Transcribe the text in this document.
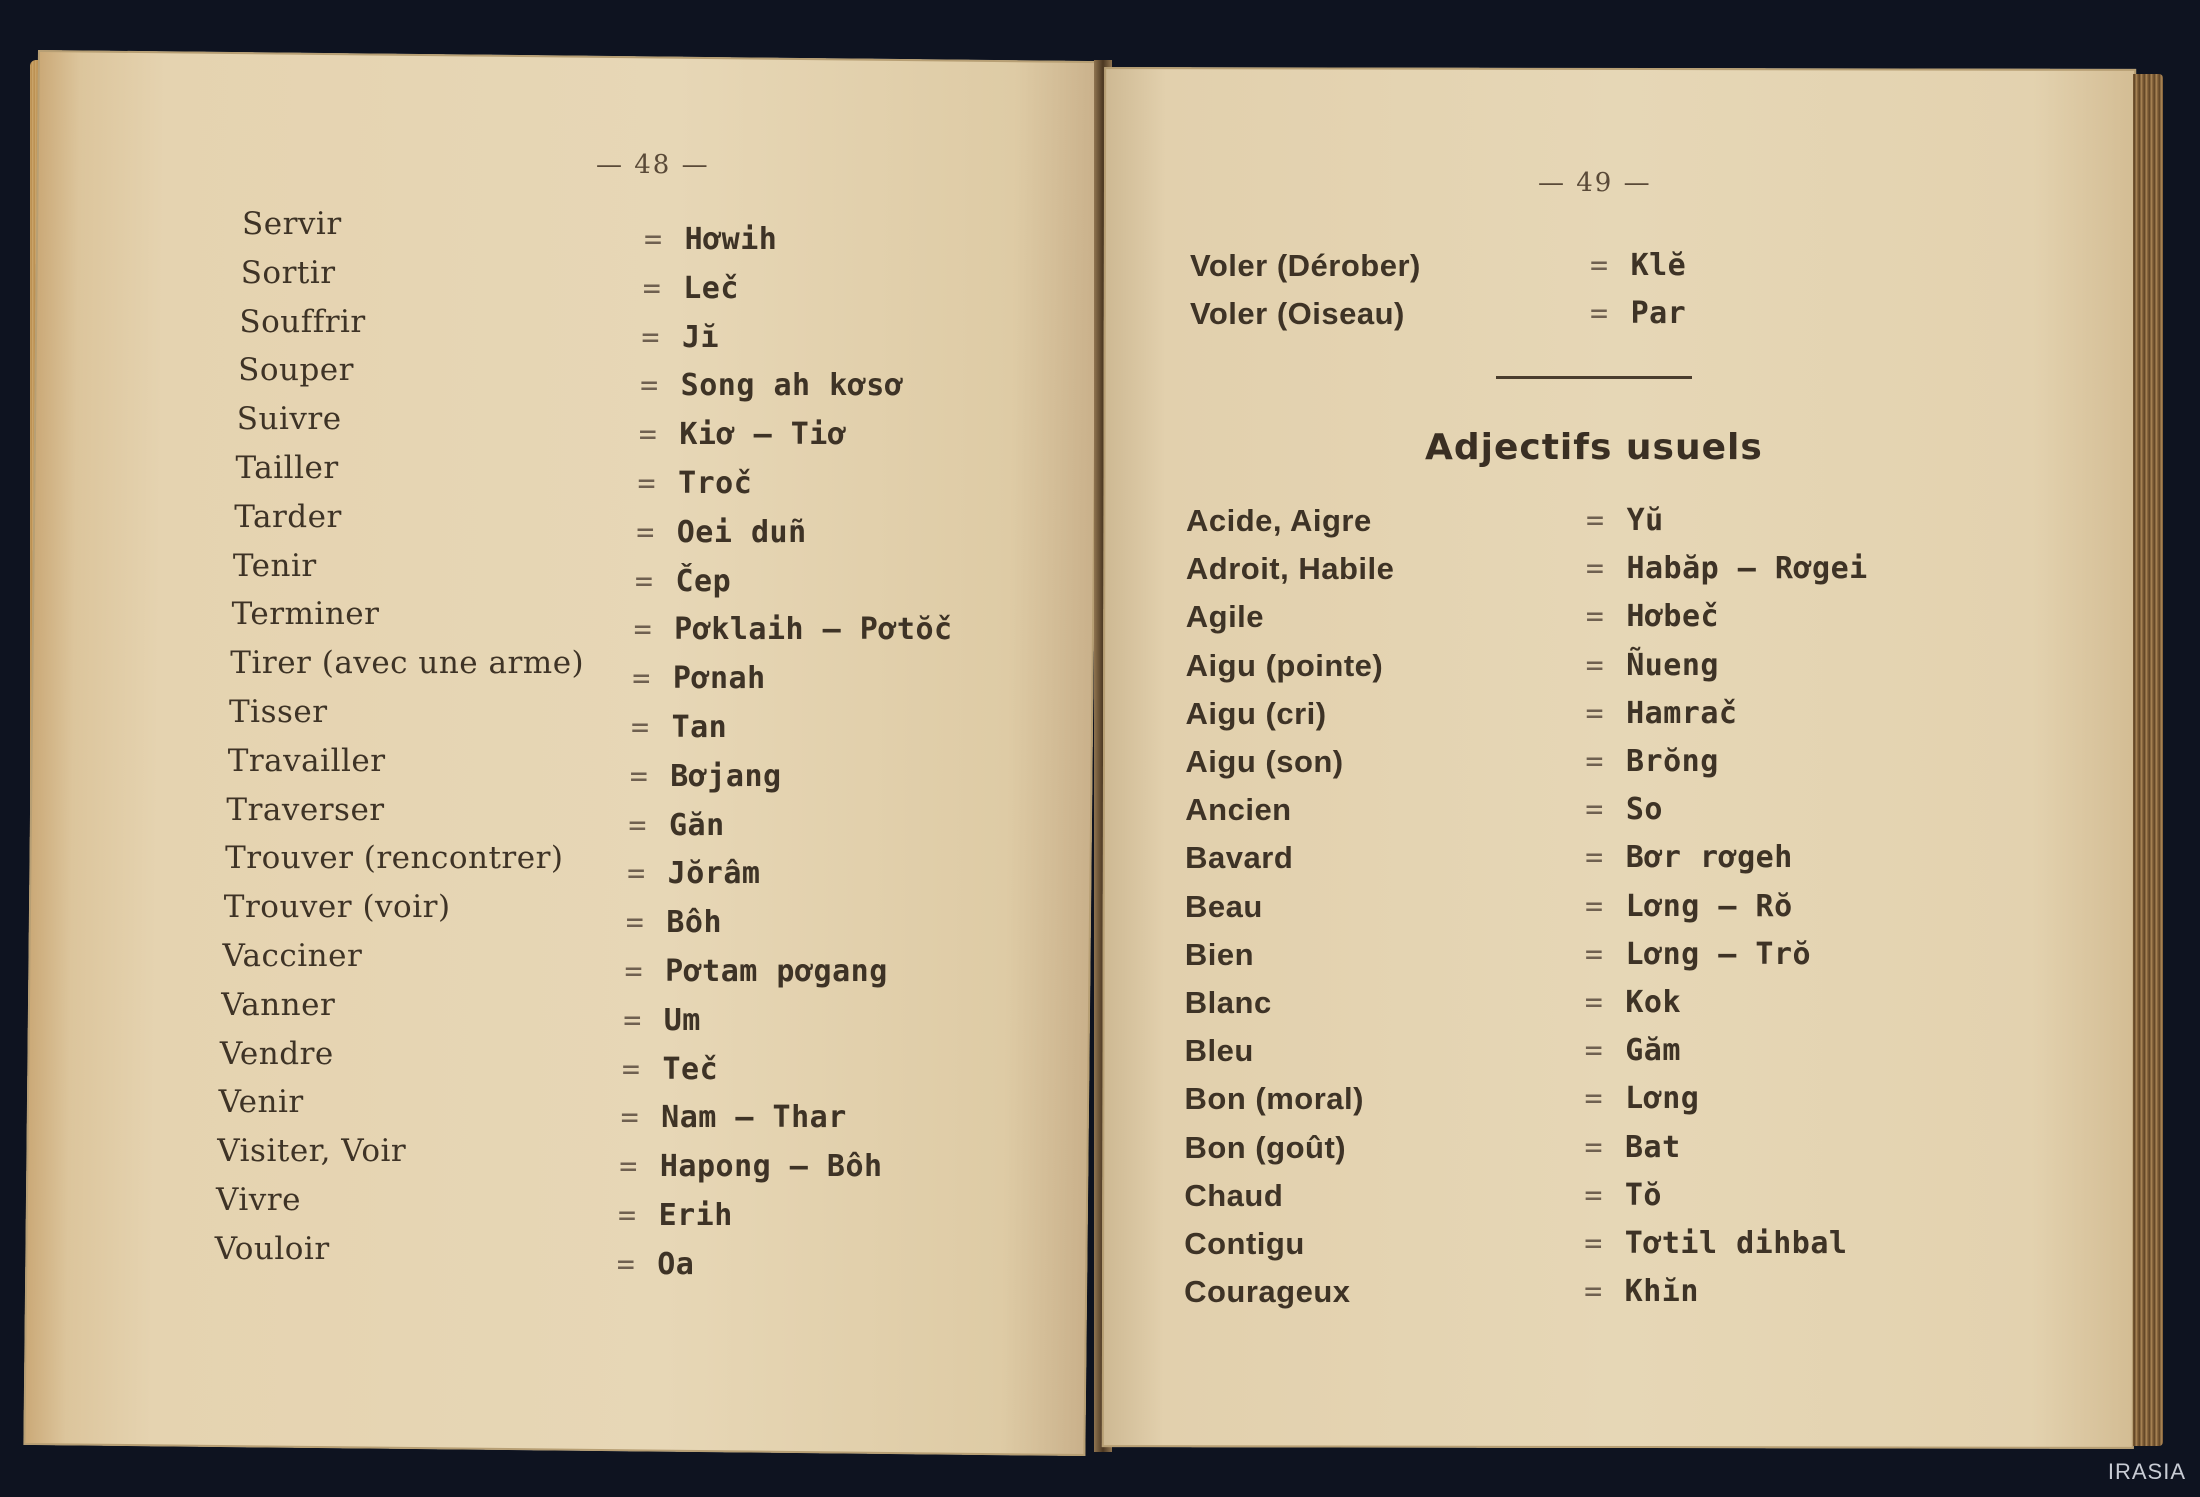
— 48 —
Servir	= Hơwih
Sortir	= Leč
Souffrir	= Jĭ
Souper	= Song ah kơsơ
Suivre	= Kiơ — Tiơ
Tailler	= Troč
Tarder	= Oei duñ
Tenir	= Čep
Terminer	= Pơklaih — Pơtŏč
Tirer (avec une arme) = Pơnah
Tisser	= Tan
Travailler	= Bơjang
Traverser	= Găn
Trouver (rencontrer) = Jŏrâm
Trouver (voir)	= Bôh
Vacciner	= Pơtam pơgang
Vanner	= Um
Vendre	= Teč
Venir	= Nam — Thar
Visiter, Voir	= Hapong — Bôh
Vivre	= Erih
Vouloir	= Oa
— 49 —
Voler (Dérober)	= Klĕ
Voler (Oiseau)	= Par
Adjectifs usuels
Acide, Aigre	= Yŭ
Adroit, Habile	= Habăp — Rơgei
Agile	= Hơbeč
Aigu (pointe)	= Ñueng
Aigu (cri)	= Hamrač
Aigu (son)	= Brŏng
Ancien	= So
Bavard	= Bơr rơgeh
Beau	= Lơng — Rŏ
Bien	= Lơng — Trŏ
Blanc	= Kok
Bleu	= Găm
Bon (moral)	= Lơng
Bon (goût)	= Bat
Chaud	= Tŏ
Contigu	= Tơtil dihbal
Courageux	= Khĭn
IRASIA
